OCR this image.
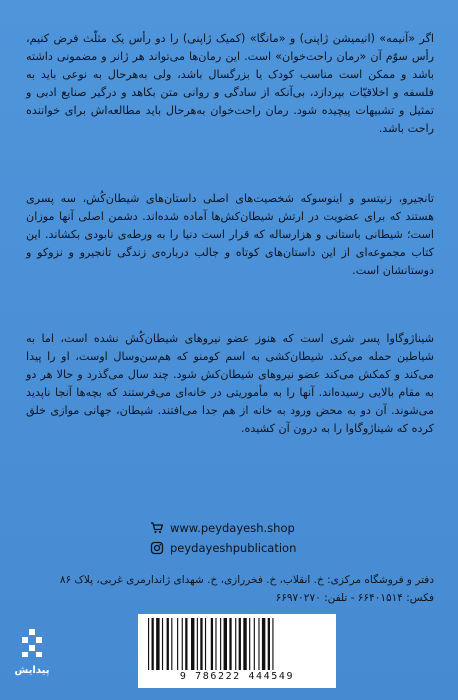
اگر «آنیمه» (انیمیشن ژاپنی) و «مانگا» (کمیک ژاپنی) را دو رأس یک مثلّث فرض کنیم، رأس سوّم آن «رمان راحت‌خوان» است. این رمان‌ها می‌تواند هر ژانر و مضمونی داشته باشد و ممکن است مناسب کودک یا بزرگسال باشد، ولی به‌هرحال به نوعی باید به فلسفه و اخلاقیّات بپردازد، بی‌آنکه از سادگی و روانی متن بکاهد و درگیر صنایع ادبی و تمثیل و تشبیهات پیچیده شود. رمان راحت‌خوان به‌هرحال باید مطالعه‌اش برای خواننده راحت باشد.

تانجیرو، زنیتسو و اینوسوکه شخصیت‌های اصلی داستان‌های شیطان‌کُش، سه پسری هستند که برای عضویت در ارتش شیطان‌کش‌ها آماده شده‌اند. دشمن اصلی آنها موزان است؛ شیطانی باستانی و هزارساله که قرار است دنیا را به ورطه‌ی نابودی بکشاند. این کتاب مجموعه‌ای از این داستان‌های کوتاه و جالب درباره‌ی زندگی تانجیرو و نزوکو و دوستانشان است.

شیناژوگاوا پسر شری است که هنوز عضو نیروهای شیطان‌کُش نشده است، اما به شیاطین حمله می‌کند. شیطان‌کشی به اسم کومنو که هم‌سن‌وسال اوست، او را پیدا می‌کند و کمکش می‌کند عضو نیروهای شیطان‌کش شود. چند سال می‌گذرد و حالا هر دو به مقام بالایی رسیده‌اند. آنها را به مأموریتی در خانه‌ای می‌فرستند که بچه‌ها آنجا ناپدید می‌شوند. آن دو به محض ورود به خانه از هم جدا می‌افتند. شیطان، جهانی موازی خلق کرده که شیناژوگاوا را به درون آن کشیده.

www.peydayesh.shop
peydayeshpublication
دفتر و فروشگاه مرکزی: خ. انقلاب، خ. فخررازی، خ. شهدای ژاندارمری غربی، پلاک ۸۶
فکس: ۶۶۴۰۱۵۱۴ - تلفن: ۶۶۹۷۰۲۷۰
پیدایش
9 786222 444549
